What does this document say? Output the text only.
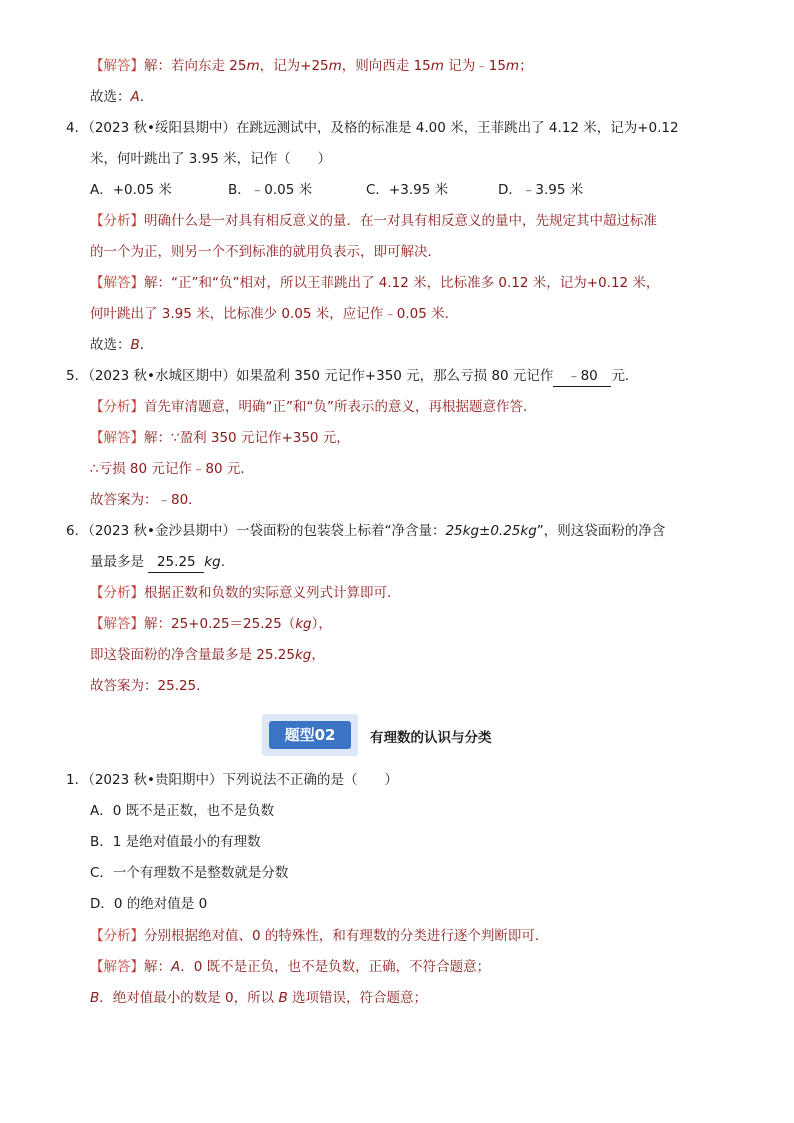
【解答】解：若向东走 25m，记为+25m，则向西走 15m 记为﹣15m；
故选：A.
4．（2023 秋•绥阳县期中）在跳远测试中，及格的标准是 4.00 米，王菲跳出了 4.12 米，记为+0.12
米，何叶跳出了 3.95 米，记作（　　）
A．+0.05 米	B．﹣0.05 米	C．+3.95 米	D．﹣3.95 米
【分析】明确什么是一对具有相反意义的量．在一对具有相反意义的量中，先规定其中超过标准
的一个为正，则另一个不到标准的就用负表示，即可解决．
【解答】解：“正”和“负”相对，所以王菲跳出了 4.12 米，比标准多 0.12 米，记为+0.12 米，
何叶跳出了 3.95 米，比标准少 0.05 米，应记作﹣0.05 米．
故选：B.
5．（2023 秋•水城区期中）如果盈利 350 元记作+350 元，那么亏损 80 元记作 ﹣80 元．
【分析】首先审清题意，明确“正”和“负”所表示的意义，再根据题意作答．
【解答】解：∵盈利 350 元记作+350 元，
∴亏损 80 元记作﹣80 元．
故答案为：﹣80．
6．（2023 秋•金沙县期中）一袋面粉的包装袋上标着“净含量：25kg±0.25kg”，则这袋面粉的净含
量最多是 25.25 kg.
【分析】根据正数和负数的实际意义列式计算即可．
【解答】解：25+0.25＝25.25（kg），
即这袋面粉的净含量最多是 25.25kg，
故答案为：25.25．
题型02	有理数的认识与分类
1．（2023 秋•贵阳期中）下列说法不正确的是（　　）
A．0 既不是正数，也不是负数
B．1 是绝对值最小的有理数
C．一个有理数不是整数就是分数
D．0 的绝对值是 0
【分析】分别根据绝对值、0 的特殊性，和有理数的分类进行逐个判断即可．
【解答】解：A．0 既不是正负，也不是负数，正确，不符合题意；
B．绝对值最小的数是 0，所以 B 选项错误，符合题意；
